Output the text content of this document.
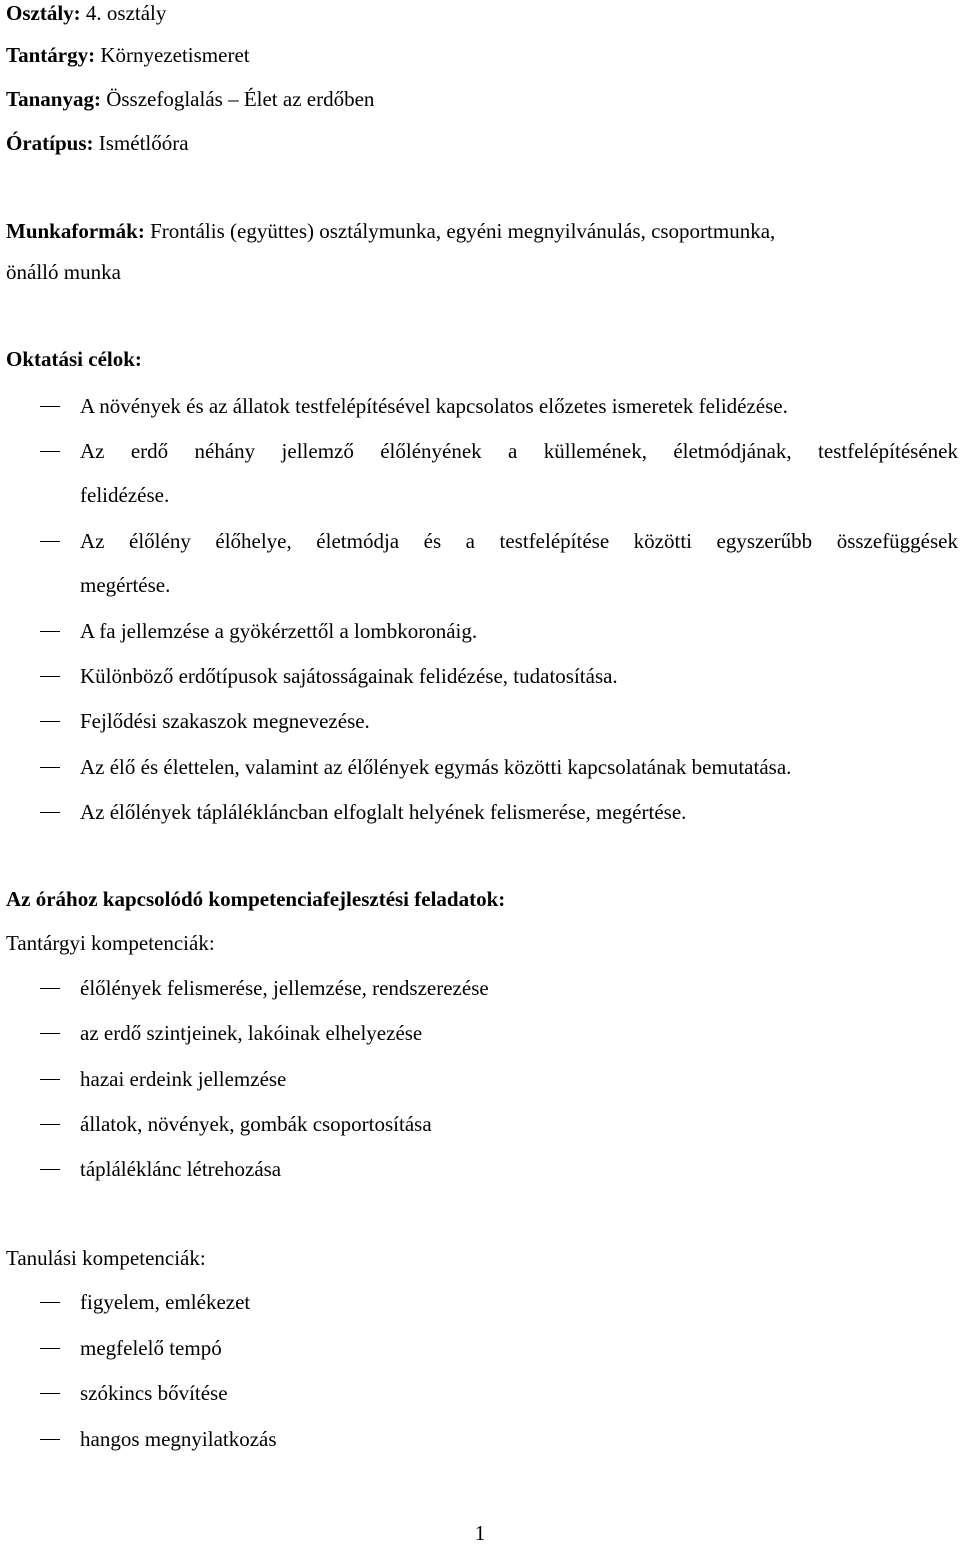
Osztály: 4. osztály
Tantárgy: Környezetismeret
Tananyag: Összefoglalás – Élet az erdőben
Óratípus: Ismétlőóra
Munkaformák: Frontális (együttes) osztálymunka, egyéni megnyilvánulás, csoportmunka,
önálló munka
Oktatási célok:
A növények és az állatok testfelépítésével kapcsolatos előzetes ismeretek felidézése.
Az erdő néhány jellemző élőlényének a küllemének, életmódjának, testfelépítésének
felidézése.
Az élőlény élőhelye, életmódja és a testfelépítése közötti egyszerűbb összefüggések
megértése.
A fa jellemzése a gyökérzettől a lombkoronáig.
Különböző erdőtípusok sajátosságainak felidézése, tudatosítása.
Fejlődési szakaszok megnevezése.
Az élő és élettelen, valamint az élőlények egymás közötti kapcsolatának bemutatása.
Az élőlények táplálékláncban elfoglalt helyének felismerése, megértése.
Az órához kapcsolódó kompetenciafejlesztési feladatok:
Tantárgyi kompetenciák:
élőlények felismerése, jellemzése, rendszerezése
az erdő szintjeinek, lakóinak elhelyezése
hazai erdeink jellemzése
állatok, növények, gombák csoportosítása
tápláléklánc létrehozása
Tanulási kompetenciák:
figyelem, emlékezet
megfelelő tempó
szókincs bővítése
hangos megnyilatkozás
1
